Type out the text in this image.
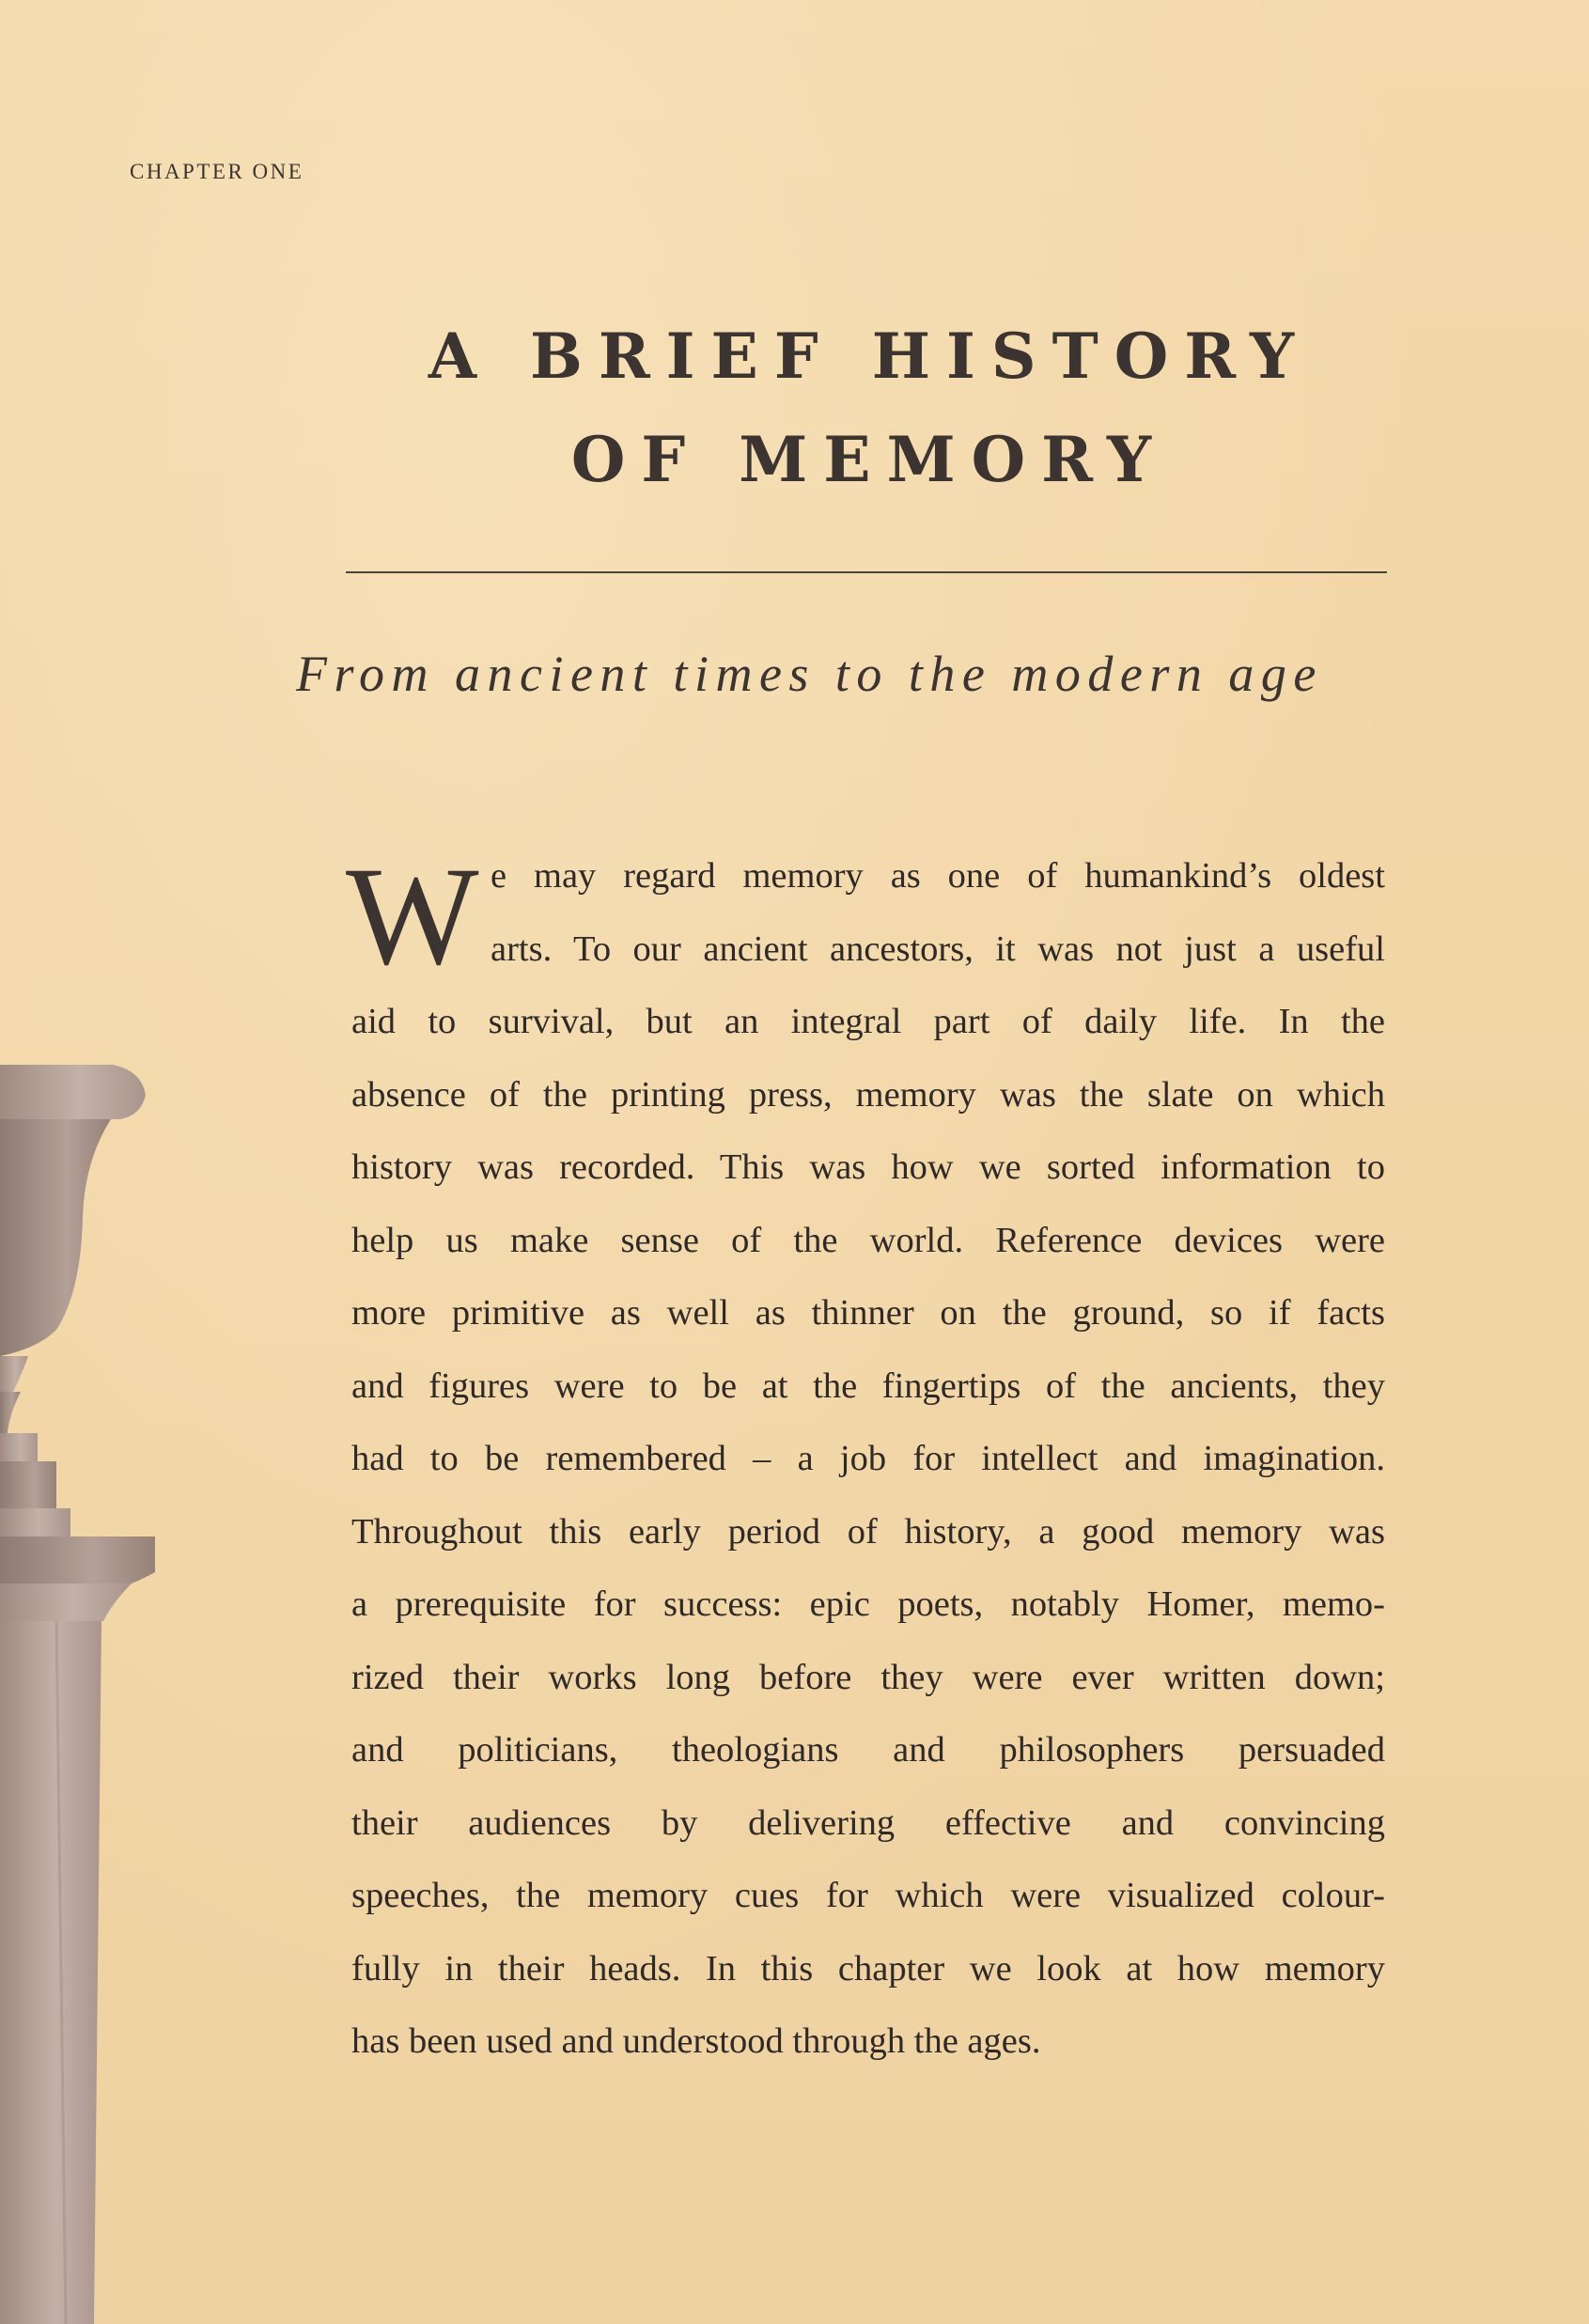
CHAPTER ONE
A BRIEF HISTORY
OF MEMORY
From ancient times to the modern age
W e may regard memory as one of humankind’s oldest
arts. To our ancient ancestors, it was not just a useful
aid to survival, but an integral part of daily life. In the
absence of the printing press, memory was the slate on which
history was recorded. This was how we sorted information to
help us make sense of the world. Reference devices were
more primitive as well as thinner on the ground, so if facts
and figures were to be at the fingertips of the ancients, they
had to be remembered – a job for intellect and imagination.
Throughout this early period of history, a good memory was
a prerequisite for success: epic poets, notably Homer, memo-
rized their works long before they were ever written down;
and politicians, theologians and philosophers persuaded
their audiences by delivering effective and convincing
speeches, the memory cues for which were visualized colour-
fully in their heads. In this chapter we look at how memory
has been used and understood through the ages.
